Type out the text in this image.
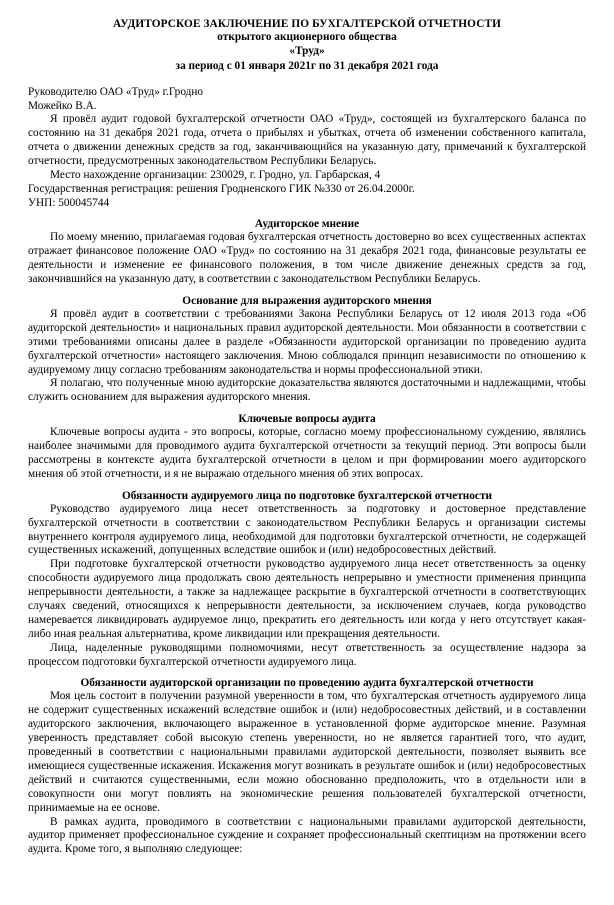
АУДИТОРСКОЕ ЗАКЛЮЧЕНИЕ ПО БУХГАЛТЕРСКОЙ ОТЧЕТНОСТИ
открытого акционерного общества
«Труд»
за период с 01 января 2021г по 31 декабря 2021 года
Руководителю ОАО «Труд» г.Гродно
Можейко В.А.

Я провёл аудит годовой бухгалтерской отчетности ОАО «Труд», состоящей из бухгалтерского баланса по состоянию на 31 декабря 2021 года, отчета о прибылях и убытках, отчета об изменении собственного капитала, отчета о движении денежных средств за год, заканчивающийся на указанную дату, примечаний к бухгалтерской отчетности, предусмотренных законодательством Республики Беларусь.

Место нахождение организации: 230029, г. Гродно, ул. Гарбарская, 4
Государственная регистрация: решения Гродненского ГИК №330 от 26.04.2000г.
УНП: 500045744
Аудиторское мнение

По моему мнению, прилагаемая годовая бухгалтерская отчетность достоверно во всех существенных аспектах отражает финансовое положение ОАО «Труд» по состоянию на 31 декабря 2021 года, финансовые результаты ее деятельности и изменение ее финансового положения, в том числе движение денежных средств за год, закончившийся на указанную дату, в соответствии с законодательством Республики Беларусь.

Основание для выражения аудиторского мнения

Я провёл аудит в соответствии с требованиями Закона Республики Беларусь от 12 июля 2013 года «Об аудиторской деятельности» и национальных правил аудиторской деятельности. Мои обязанности в соответствии с этими требованиями описаны далее в разделе «Обязанности аудиторской организации по проведению аудита бухгалтерской отчетности» настоящего заключения. Мною соблюдался принцип независимости по отношению к аудируемому лицу согласно требованиям законодательства и нормы профессиональной этики.

Я полагаю, что полученные мною аудиторские доказательства являются достаточными и надлежащими, чтобы служить основанием для выражения аудиторского мнения.

Ключевые вопросы аудита

Ключевые вопросы аудита - это вопросы, которые, согласно моему профессиональному суждению, являлись наиболее значимыми для проводимого аудита бухгалтерской отчетности за текущий период. Эти вопросы были рассмотрены в контексте аудита бухгалтерской отчетности в целом и при формировании моего аудиторского мнения об этой отчетности, и я не выражаю отдельного мнения об этих вопросах.

Обязанности аудируемого лица по подготовке бухгалтерской отчетности

Руководство аудируемого лица несет ответственность за подготовку и достоверное представление бухгалтерской отчетности в соответствии с законодательством Республики Беларусь и организации системы внутреннего контроля аудируемого лица, необходимой для подготовки бухгалтерской отчетности, не содержащей существенных искажений, допущенных вследствие ошибок и (или) недобросовестных действий.

При подготовке бухгалтерской отчетности руководство аудируемого лица несет ответственность за оценку способности аудируемого лица продолжать свою деятельность непрерывно и уместности применения принципа непрерывности деятельности, а также за надлежащее раскрытие в бухгалтерской отчетности в соответствующих случаях сведений, относящихся к непрерывности деятельности, за исключением случаев, когда руководство намеревается ликвидировать аудируемое лицо, прекратить его деятельность или когда у него отсутствует какая-либо иная реальная альтернатива, кроме ликвидации или прекращения деятельности.

Лица, наделенные руководящими полномочиями, несут ответственность за осуществление надзора за процессом подготовки бухгалтерской отчетности аудируемого лица.

Обязанности аудиторской организации по проведению аудита бухгалтерской отчетности

Моя цель состоит в получении разумной уверенности в том, что бухгалтерская отчетность аудируемого лица не содержит существенных искажений вследствие ошибок и (или) недобросовестных действий, и в составлении аудиторского заключения, включающего выраженное в установленной форме аудиторское мнение. Разумная уверенность представляет собой высокую степень уверенности, но не является гарантией того, что аудит, проведенный в соответствии с национальными правилами аудиторской деятельности, позволяет выявить все имеющиеся существенные искажения. Искажения могут возникать в результате ошибок и (или) недобросовестных действий и считаются существенными, если можно обоснованно предположить, что в отдельности или в совокупности они могут повлиять на экономические решения пользователей бухгалтерской отчетности, принимаемые на ее основе.

В рамках аудита, проводимого в соответствии с национальными правилами аудиторской деятельности, аудитор применяет профессиональное суждение и сохраняет профессиональный скептицизм на протяжении всего аудита. Кроме того, я выполняю следующее:
